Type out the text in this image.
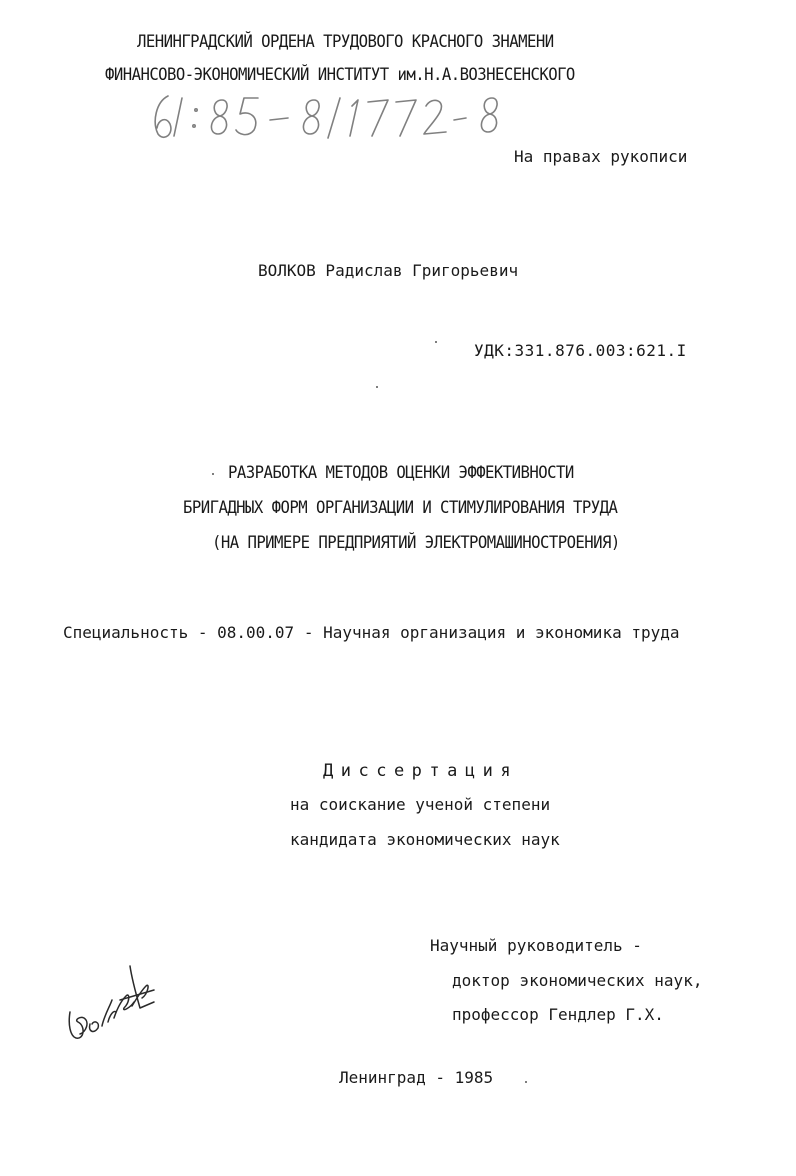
ЛЕНИНГРАДСКИЙ ОРДЕНА ТРУДОВОГО КРАСНОГО ЗНАМЕНИ
ФИНАНСОВО-ЭКОНОМИЧЕСКИЙ ИНСТИТУТ им.Н.А.ВОЗНЕСЕНСКОГО
На правах рукописи
ВОЛКОВ Радислав Григорьевич
УДК:331.876.003:621.I
РАЗРАБОТКА МЕТОДОВ ОЦЕНКИ ЭФФЕКТИВНОСТИ
БРИГАДНЫХ ФОРМ ОРГАНИЗАЦИИ И СТИМУЛИРОВАНИЯ ТРУДА
(НА ПРИМЕРЕ ПРЕДПРИЯТИЙ ЭЛЕКТРОМАШИНОСТРОЕНИЯ)
Специальность - 08.00.07 - Научная организация и экономика труда
Диссертация
на соискание ученой степени
кандидата экономических наук
Научный руководитель -
доктор экономических наук,
профессор Гендлер Г.Х.
Ленинград - 1985
